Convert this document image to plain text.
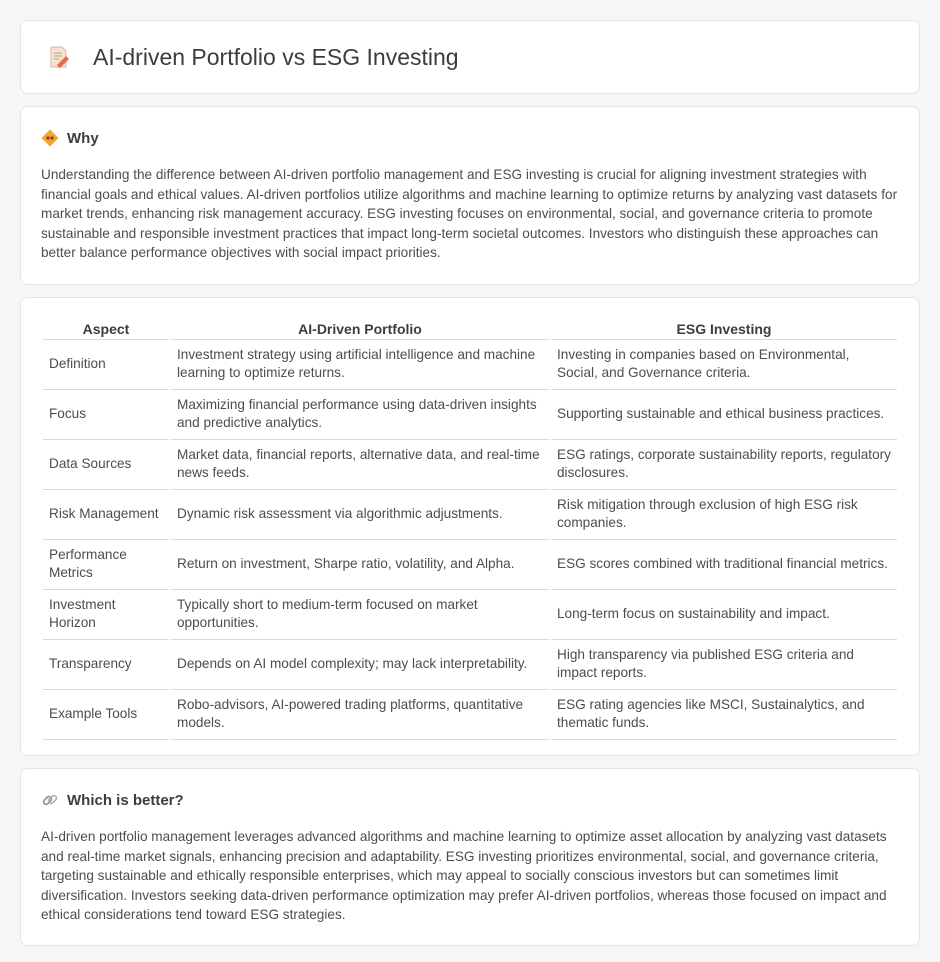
AI-driven Portfolio vs ESG Investing
Why

Understanding the difference between AI-driven portfolio management and ESG investing is crucial for aligning investment strategies with financial goals and ethical values. AI-driven portfolios utilize algorithms and machine learning to optimize returns by analyzing vast datasets for market trends, enhancing risk management accuracy. ESG investing focuses on environmental, social, and governance criteria to promote sustainable and responsible investment practices that impact long-term societal outcomes. Investors who distinguish these approaches can better balance performance objectives with social impact priorities.

Aspect	AI-Driven Portfolio	ESG Investing
Definition	Investment strategy using artificial intelligence and machine learning to optimize returns.	Investing in companies based on Environmental, Social, and Governance criteria.
Focus	Maximizing financial performance using data-driven insights and predictive analytics.	Supporting sustainable and ethical business practices.
Data Sources	Market data, financial reports, alternative data, and real-time news feeds.	ESG ratings, corporate sustainability reports, regulatory disclosures.
Risk Management	Dynamic risk assessment via algorithmic adjustments.	Risk mitigation through exclusion of high ESG risk companies.
Performance Metrics	Return on investment, Sharpe ratio, volatility, and Alpha.	ESG scores combined with traditional financial metrics.
Investment Horizon	Typically short to medium-term focused on market opportunities.	Long-term focus on sustainability and impact.
Transparency	Depends on AI model complexity; may lack interpretability.	High transparency via published ESG criteria and impact reports.
Example Tools	Robo-advisors, AI-powered trading platforms, quantitative models.	ESG rating agencies like MSCI, Sustainalytics, and thematic funds.
Which is better?

AI-driven portfolio management leverages advanced algorithms and machine learning to optimize asset allocation by analyzing vast datasets and real-time market signals, enhancing precision and adaptability. ESG investing prioritizes environmental, social, and governance criteria, targeting sustainable and ethically responsible enterprises, which may appeal to socially conscious investors but can sometimes limit diversification. Investors seeking data-driven performance optimization may prefer AI-driven portfolios, whereas those focused on impact and ethical considerations tend toward ESG strategies.
